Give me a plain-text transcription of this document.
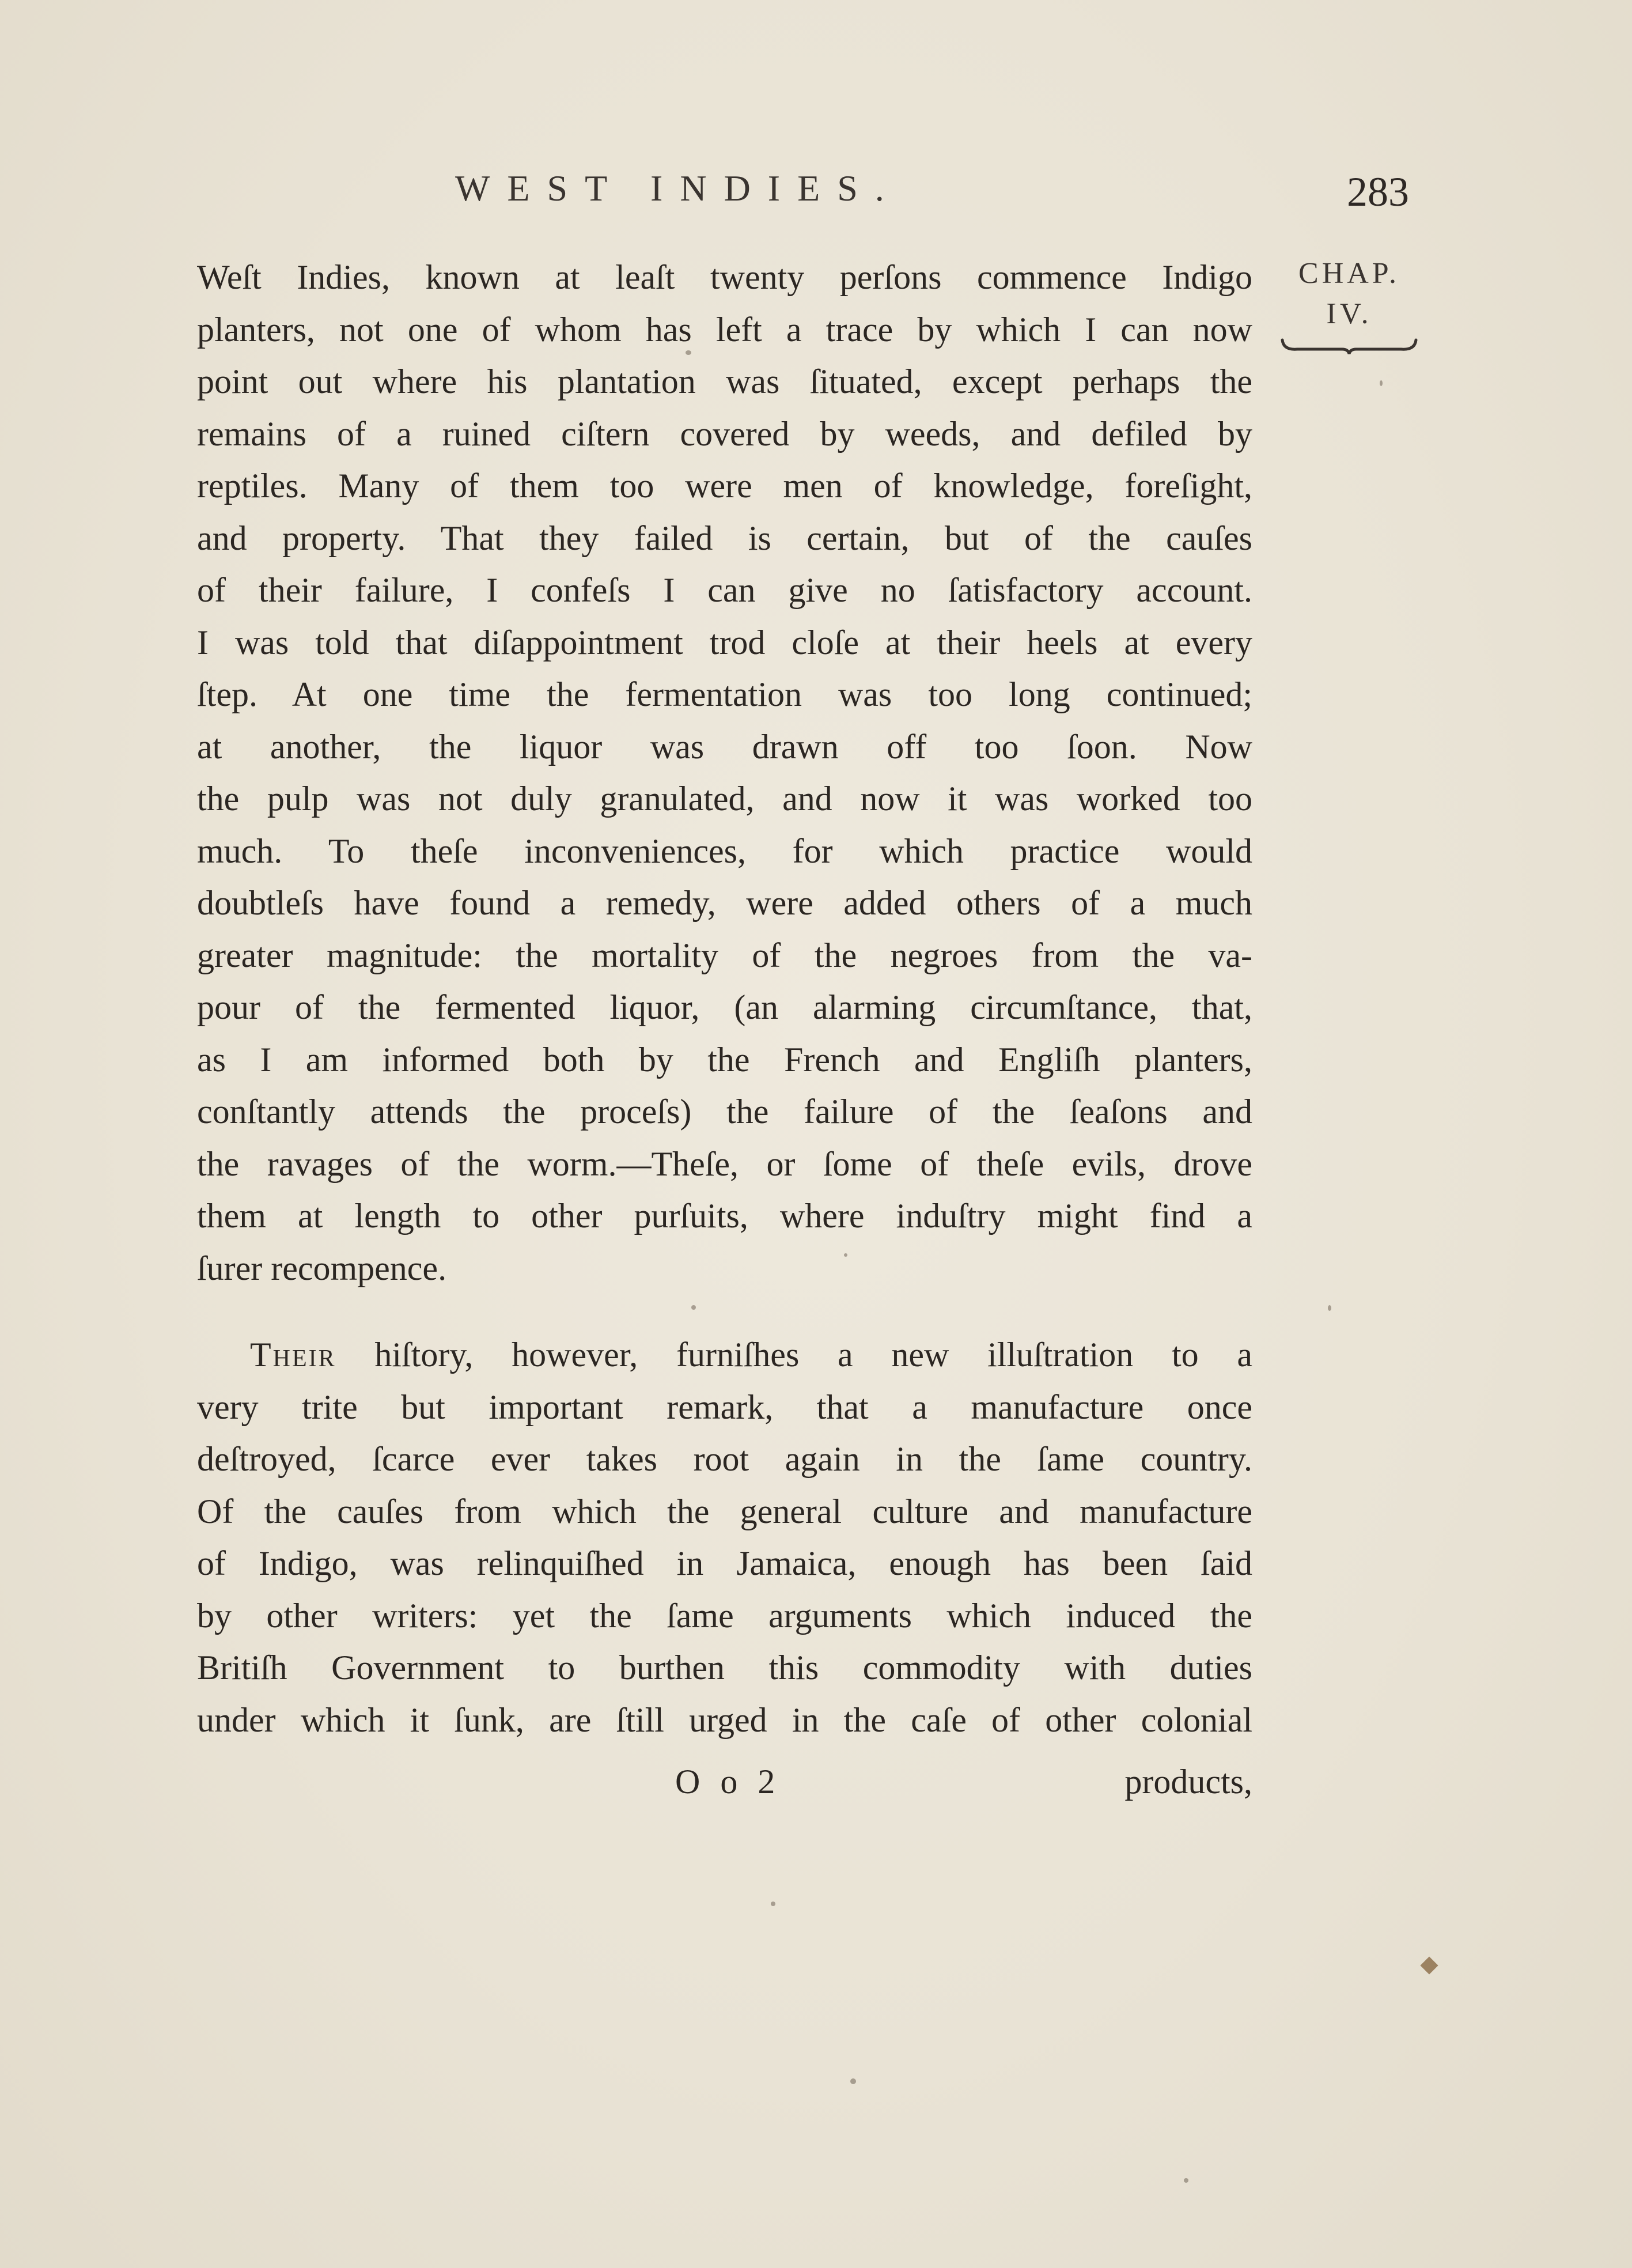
WEST INDIES.	283
CHAP.
IV.
Weſt Indies, known at leaſt twenty perſons commence Indigo
planters, not one of whom has left a trace by which I can now
point out where his plantation was ſituated, except perhaps the
remains of a ruined ciſtern covered by weeds, and defiled by
reptiles. Many of them too were men of knowledge, foreſight,
and property. That they failed is certain, but of the cauſes
of their failure, I confeſs I can give no ſatisfactory account.
I was told that diſappointment trod cloſe at their heels at every
ſtep. At one time the fermentation was too long continued;
at another, the liquor was drawn off too ſoon. Now
the pulp was not duly granulated, and now it was worked too
much. To theſe inconveniences, for which practice would
doubtleſs have found a remedy, were added others of a much
greater magnitude: the mortality of the negroes from the va-
pour of the fermented liquor, (an alarming circumſtance, that,
as I am informed both by the French and Engliſh planters,
conſtantly attends the proceſs) the failure of the ſeaſons and
the ravages of the worm.—Theſe, or ſome of theſe evils, drove
them at length to other purſuits, where induſtry might find a
ſurer recompence.
Their hiſtory, however, furniſhes a new illuſtration to a
very trite but important remark, that a manufacture once
deſtroyed, ſcarce ever takes root again in the ſame country.
Of the cauſes from which the general culture and manufacture
of Indigo, was relinquiſhed in Jamaica, enough has been ſaid
by other writers: yet the ſame arguments which induced the
Britiſh Government to burthen this commodity with duties
under which it ſunk, are ſtill urged in the caſe of other colonial
O o 2	products,
